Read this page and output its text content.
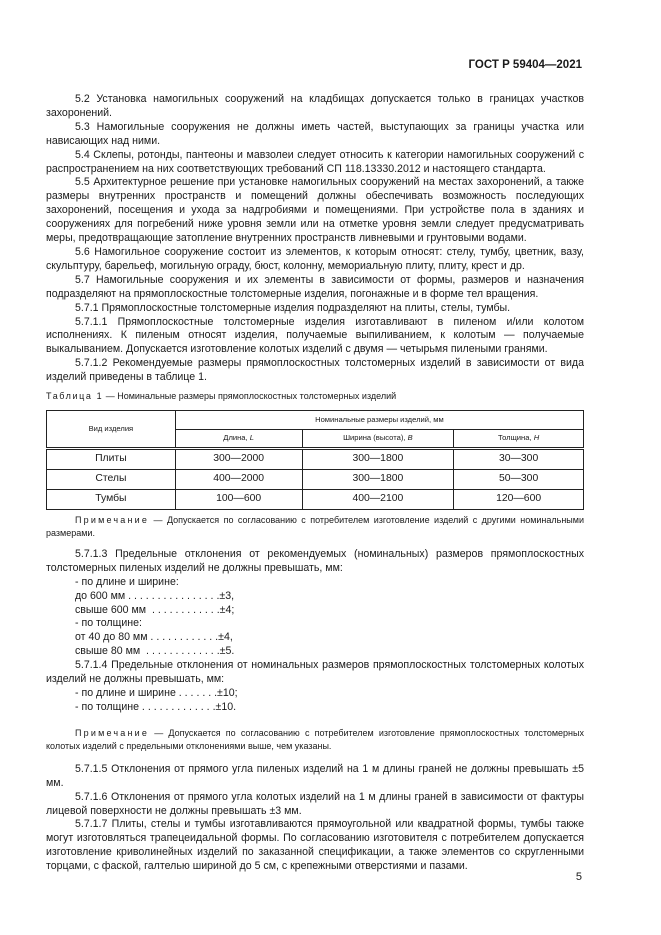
ГОСТ Р 59404—2021

5.2 Установка намогильных сооружений на кладбищах допускается только в границах участков захоронений.

5.3 Намогильные сооружения не должны иметь частей, выступающих за границы участка или нависающих над ними.

5.4 Склепы, ротонды, пантеоны и мавзолеи следует относить к категории намогильных сооружений с распространением на них соответствующих требований СП 118.13330.2012 и настоящего стандарта.

5.5 Архитектурное решение при установке намогильных сооружений на местах захоронений, а также размеры внутренних пространств и помещений должны обеспечивать возможность последующих захоронений, посещения и ухода за надгробиями и помещениями. При устройстве пола в зданиях и сооружениях для погребений ниже уровня земли или на отметке уровня земли следует предусматривать меры, предотвращающие затопление внутренних пространств ливневыми и грунтовыми водами.

5.6 Намогильное сооружение состоит из элементов, к которым относят: стелу, тумбу, цветник, вазу, скульптуру, барельеф, могильную ограду, бюст, колонну, мемориальную плиту, плиту, крест и др.

5.7 Намогильные сооружения и их элементы в зависимости от формы, размеров и назначения подразделяют на прямоплоскостные толстомерные изделия, погонажные и в форме тел вращения.

5.7.1 Прямоплоскостные толстомерные изделия подразделяют на плиты, стелы, тумбы.

5.7.1.1 Прямоплоскостные толстомерные изделия изготавливают в пиленом и/или колотом исполнениях. К пиленым относят изделия, получаемые выпиливанием, к колотым — получаемые выкалыванием. Допускается изготовление колотых изделий с двумя — четырьмя пилеными гранями.

5.7.1.2 Рекомендуемые размеры прямоплоскостных толстомерных изделий в зависимости от вида изделий приведены в таблице 1.

Таблица 1 — Номинальные размеры прямоплоскостных толстомерных изделий
Вид изделия	Номинальные размеры изделий, мм		
	Длина, L	Ширина (высота), B	Толщина, H
Плиты	300—2000	300—1800	30—300
Стелы	400—2000	300—1800	50—300
Тумбы	100—600	400—2100	120—600

Примечание — Допускается по согласованию с потребителем изготовление изделий с другими номинальными размерами.

5.7.1.3 Предельные отклонения от рекомендуемых (номинальных) размеров прямоплоскостных толстомерных пиленых изделий не должны превышать, мм:

- по длине и ширине:

до 600 мм . . . . . . . . . . . . . . . .±3,

свыше 600 мм  . . . . . . . . . . . .±4;

- по толщине:

от 40 до 80 мм . . . . . . . . . . . .±4,

свыше 80 мм  . . . . . . . . . . . . .±5.

5.7.1.4 Предельные отклонения от номинальных размеров прямоплоскостных толстомерных колотых изделий не должны превышать, мм:

- по длине и ширине . . . . . . .±10;

- по толщине . . . . . . . . . . . . .±10.

Примечание — Допускается по согласованию с потребителем изготовление прямоплоскостных толстомерных колотых изделий с предельными отклонениями выше, чем указаны.

5.7.1.5 Отклонения от прямого угла пиленых изделий на 1 м длины граней не должны превышать ±5 мм.

5.7.1.6 Отклонения от прямого угла колотых изделий на 1 м длины граней в зависимости от фактуры лицевой поверхности не должны превышать ±3 мм.

5.7.1.7 Плиты, стелы и тумбы изготавливаются прямоугольной или квадратной формы, тумбы также могут изготовляться трапецеидальной формы. По согласованию изготовителя с потребителем допускается изготовление криволинейных изделий по заказанной спецификации, а также элементов со скругленными торцами, с фаской, галтелью шириной до 5 см, с крепежными отверстиями и пазами.

5
